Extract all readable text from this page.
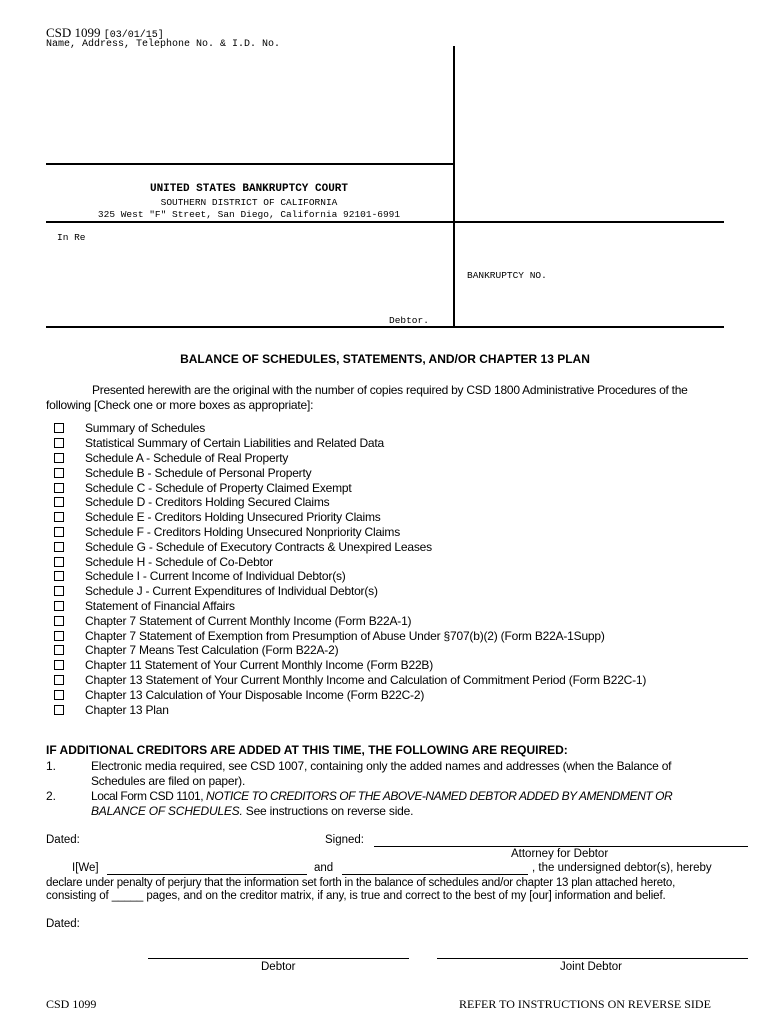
CSD 1099 [03/01/15]
Name, Address, Telephone No. & I.D. No.
UNITED STATES BANKRUPTCY COURT
SOUTHERN DISTRICT OF CALIFORNIA
325 West "F" Street, San Diego, California 92101-6991
In Re
BANKRUPTCY NO.
Debtor.
BALANCE OF SCHEDULES, STATEMENTS, AND/OR CHAPTER 13 PLAN
Presented herewith are the original with the number of copies required by CSD 1800 Administrative Procedures of the
following [Check one or more boxes as appropriate]:
Summary of Schedules
Statistical Summary of Certain Liabilities and Related Data
Schedule A - Schedule of Real Property
Schedule B - Schedule of Personal Property
Schedule C - Schedule of Property Claimed Exempt
Schedule D - Creditors Holding Secured Claims
Schedule E - Creditors Holding Unsecured Priority Claims
Schedule F - Creditors Holding Unsecured Nonpriority Claims
Schedule G - Schedule of Executory Contracts & Unexpired Leases
Schedule H - Schedule of Co-Debtor
Schedule I - Current Income of Individual Debtor(s)
Schedule J - Current Expenditures of Individual Debtor(s)
Statement of Financial Affairs
Chapter 7 Statement of Current Monthly Income (Form B22A-1)
Chapter 7 Statement of Exemption from Presumption of Abuse Under §707(b)(2) (Form B22A-1Supp)
Chapter 7 Means Test Calculation (Form B22A-2)
Chapter 11 Statement of Your Current Monthly Income (Form B22B)
Chapter 13 Statement of Your Current Monthly Income and Calculation of Commitment Period (Form B22C-1)
Chapter 13 Calculation of Your Disposable Income (Form B22C-2)
Chapter 13 Plan
IF ADDITIONAL CREDITORS ARE ADDED AT THIS TIME, THE FOLLOWING ARE REQUIRED:
1.	Electronic media required, see CSD 1007, containing only the added names and addresses (when the Balance of
Schedules are filed on paper).
2.	Local Form CSD 1101, NOTICE TO CREDITORS OF THE ABOVE-NAMED DEBTOR ADDED BY AMENDMENT OR
BALANCE OF SCHEDULES. See instructions on reverse side.
Dated:	Signed:
Attorney for Debtor
I[We]	and	, the undersigned debtor(s), hereby
declare under penalty of perjury that the information set forth in the balance of schedules and/or chapter 13 plan attached hereto,
consisting of _____ pages, and on the creditor matrix, if any, is true and correct to the best of my [our] information and belief.
Dated:
Debtor	Joint Debtor
CSD 1099	REFER TO INSTRUCTIONS ON REVERSE SIDE
